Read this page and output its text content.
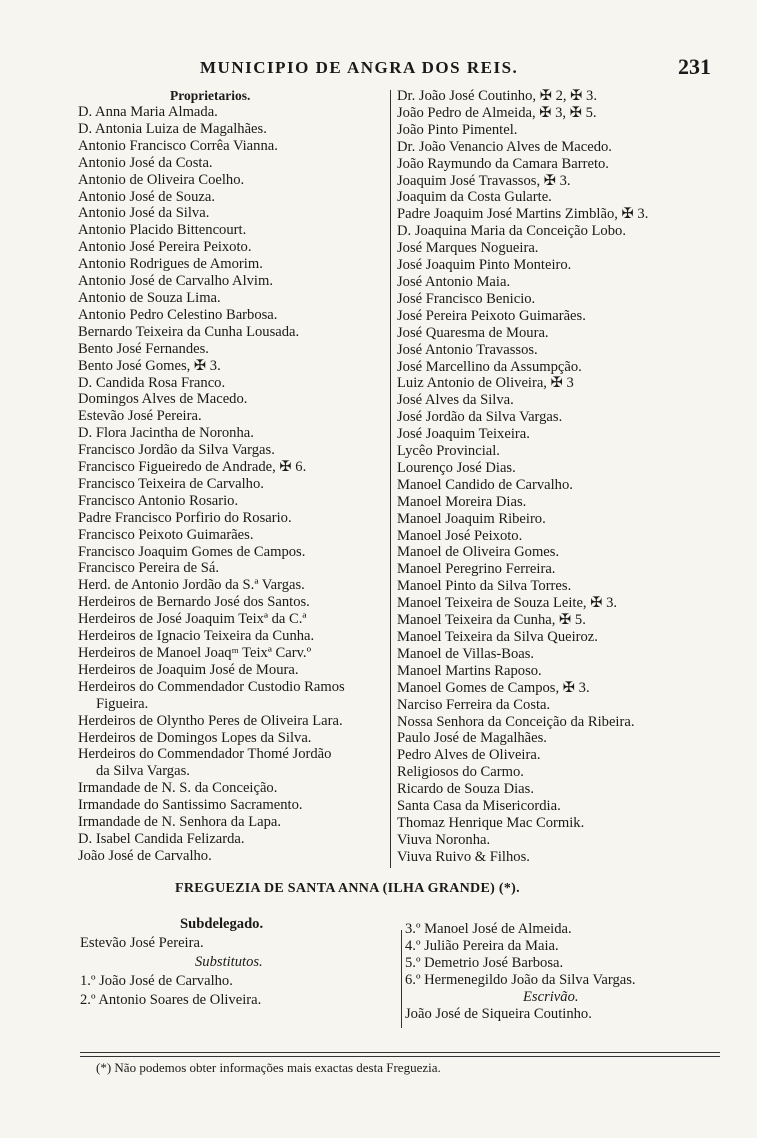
MUNICIPIO DE ANGRA DOS REIS.	231
Proprietarios.
D. Anna Maria Almada.
D. Antonia Luiza de Magalhães.
Antonio Francisco Corrêa Vianna.
Antonio José da Costa.
Antonio de Oliveira Coelho.
Antonio José de Souza.
Antonio José da Silva.
Antonio Placido Bittencourt.
Antonio José Pereira Peixoto.
Antonio Rodrigues de Amorim.
Antonio José de Carvalho Alvim.
Antonio de Souza Lima.
Antonio Pedro Celestino Barbosa.
Bernardo Teixeira da Cunha Lousada.
Bento José Fernandes.
Bento José Gomes, ✠ 3.
D. Candida Rosa Franco.
Domingos Alves de Macedo.
Estevão José Pereira.
D. Flora Jacintha de Noronha.
Francisco Jordão da Silva Vargas.
Francisco Figueiredo de Andrade, ✠ 6.
Francisco Teixeira de Carvalho.
Francisco Antonio Rosario.
Padre Francisco Porfirio do Rosario.
Francisco Peixoto Guimarães.
Francisco Joaquim Gomes de Campos.
Francisco Pereira de Sá.
Herd. de Antonio Jordão da S.ª Vargas.
Herdeiros de Bernardo José dos Santos.
Herdeiros de José Joaquim Teixª da C.ª
Herdeiros de Ignacio Teixeira da Cunha.
Herdeiros de Manoel Joaqᵐ Teixª Carv.º
Herdeiros de Joaquim José de Moura.
Herdeiros do Commendador Custodio Ramos
Figueira.
Herdeiros de Olyntho Peres de Oliveira Lara.
Herdeiros de Domingos Lopes da Silva.
Herdeiros do Commendador Thomé Jordão
da Silva Vargas.
Irmandade de N. S. da Conceição.
Irmandade do Santissimo Sacramento.
Irmandade de N. Senhora da Lapa.
D. Isabel Candida Felizarda.
João José de Carvalho.
Dr. João José Coutinho, ✠ 2, ✠ 3.
João Pedro de Almeida, ✠ 3, ✠ 5.
João Pinto Pimentel.
Dr. João Venancio Alves de Macedo.
João Raymundo da Camara Barreto.
Joaquim José Travassos, ✠ 3.
Joaquim da Costa Gularte.
Padre Joaquim José Martins Zimblão, ✠ 3.
D. Joaquina Maria da Conceição Lobo.
José Marques Nogueira.
José Joaquim Pinto Monteiro.
José Antonio Maia.
José Francisco Benicio.
José Pereira Peixoto Guimarães.
José Quaresma de Moura.
José Antonio Travassos.
José Marcellino da Assumpção.
Luiz Antonio de Oliveira, ✠ 3
José Alves da Silva.
José Jordão da Silva Vargas.
José Joaquim Teixeira.
Lycêo Provincial.
Lourenço José Dias.
Manoel Candido de Carvalho.
Manoel Moreira Dias.
Manoel Joaquim Ribeiro.
Manoel José Peixoto.
Manoel de Oliveira Gomes.
Manoel Peregrino Ferreira.
Manoel Pinto da Silva Torres.
Manoel Teixeira de Souza Leite, ✠ 3.
Manoel Teixeira da Cunha, ✠ 5.
Manoel Teixeira da Silva Queiroz.
Manoel de Villas-Boas.
Manoel Martins Raposo.
Manoel Gomes de Campos, ✠ 3.
Narciso Ferreira da Costa.
Nossa Senhora da Conceição da Ribeira.
Paulo José de Magalhães.
Pedro Alves de Oliveira.
Religiosos do Carmo.
Ricardo de Souza Dias.
Santa Casa da Misericordia.
Thomaz Henrique Mac Cormik.
Viuva Noronha.
Viuva Ruivo & Filhos.
FREGUEZIA DE SANTA ANNA (ILHA GRANDE) (*).
Subdelegado.
Estevão José Pereira.
Substitutos.
1.º João José de Carvalho.
2.º Antonio Soares de Oliveira.
3.º Manoel José de Almeida.
4.º Julião Pereira da Maia.
5.º Demetrio José Barbosa.
6.º Hermenegildo João da Silva Vargas.
Escrivão.
João José de Siqueira Coutinho.
(*) Não podemos obter informações mais exactas desta Freguezia.
